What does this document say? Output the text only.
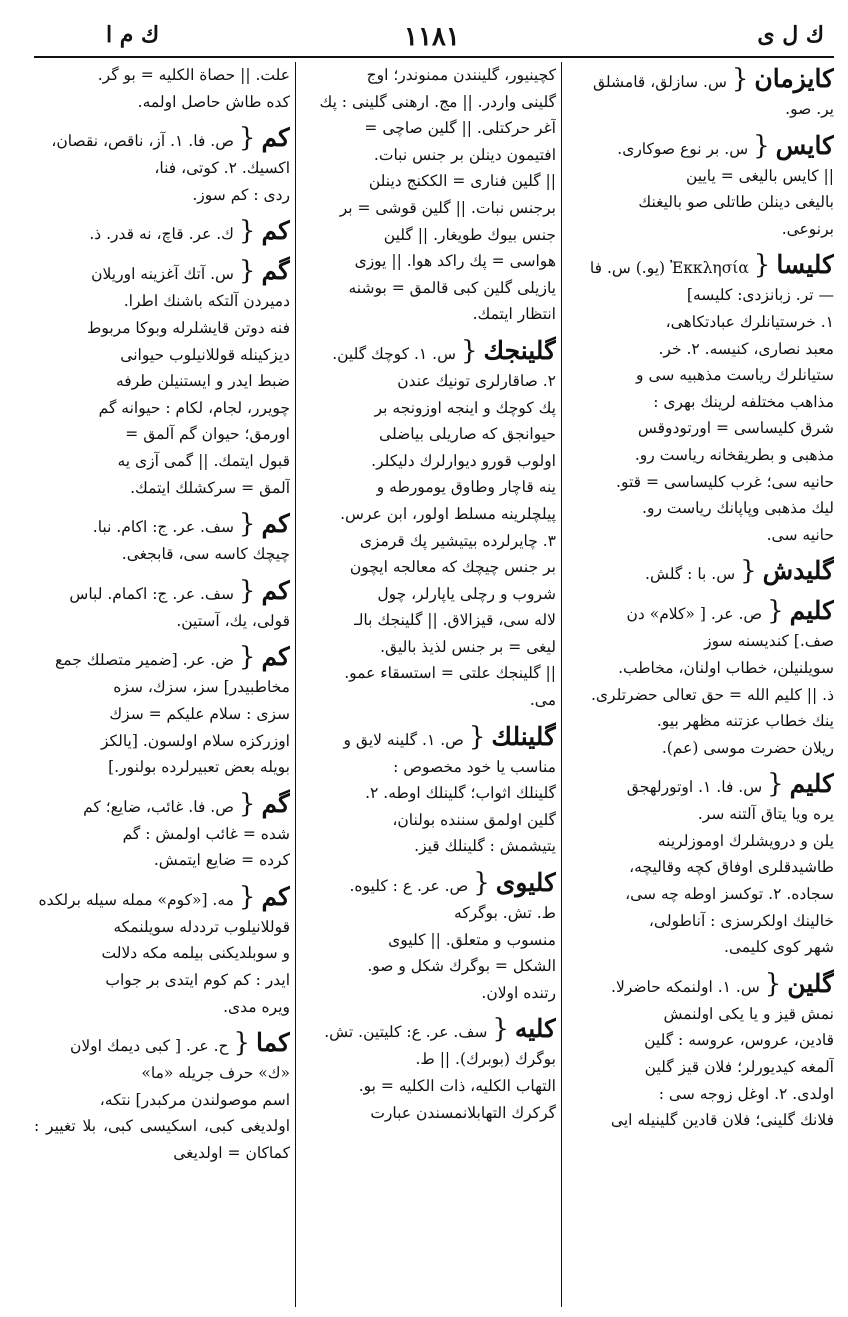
ك ل ى
١١٨١
ك م ا

كايزمان{ س. سازلق، قامشلق

ير. صو.

كايس{ س. بر نوع صوكارى.

|| كايس باليغى = يايين

باليغى دينلن طاتلى صو باليغنك

برنوعى.

كليسا{ Ἐκκλησία (يو.) س. فا

— تر. زبانزدى: كليسه]

١. خرستيانلرك عبادتكاهى،

معبد نصارى، كنيسه. ٢. خر.

ستيانلرك رياست مذهبيه سى و

مذاهب مختلفه لرينك بهرى :

شرق كليساسى = اورتودوقس

مذهبى و بطريقخانه رياست رو.

حانيه سى؛ غرب كليساسى = قتو.

ليك مذهبى وپاپانك رياست رو.

حانيه سى.

گليدش{ س. با : گلش.

كليم{ ص. عر. [ «كلام» دن

صف.] كنديسنه سوز

سويلنيلن، خطاب اولنان، مخاطب.

ذ. || كليم الله = حق تعالى حضرتلرى.

ينك خطاب عزتنه مظهر بيو.

ريلان حضرت موسى (عم).

كليم{ س. فا. ١. اوتورلهجق

يره ويا يتاق آلتنه سر.

يلن و درويشلرك اوموزلرينه

طاشيدقلرى اوفاق كچه وقاليچه،

سجاده. ٢. توكسز اوطه چه سى،

خالينك اولكرسزى : آناطولى،

شهر كوى كليمى.

گلين{ س. ١. اولنمكه حاضرلا.

نمش قيز و يا يكى اولنمش

قادين، عروس، عروسه : گلين

آلمغه كيديورلر؛ فلان قيز گلين

اولدى. ٢. اوغل زوجه سى :

فلانك گلينى؛ فلان قادين گلينيله ايى

كچينيور، گلينندن ممنوندر؛ اوج

گلينى واردر. || مج. ارهنى گلينى : پك

آغر حركتلى. || گلين صاچى =

افتيمون دينلن بر جنس نبات.

|| گلين فنارى = الككنج دينلن

برجنس نبات. || گلين قوشى = بر

جنس بيوك طويغار. || گلين

هواسى = پك راكد هوا. || يوزى

يازيلى گلين كبى قالمق = بوشنه

انتظار ايتمك.

گلينجك{ س. ١. كوچك گلين.

٢. صاقارلرى تونيك عندن

پك كوچك و اينجه اوزونجه بر

حيوانجق كه صاريلى بياضلى

اولوب قورو ديوارلرك دليكلر.

ينه قاچار وطاوق يومورطه و

پيلچلرينه مسلط اولور، ابن عرس.

٣. چايرلرده بيتيشير پك قرمزى

بر جنس چيچك كه معالجه ايچون

شروب و رچلى ياپارلر، چول

لاله سى، قيزالاق. || گلينجك بالـ

ليغى = بر جنس لذيذ باليق.

|| گلينجك علتى = استسقاء عمو.

مى.

گلينلك{ ص. ١. گلينه لايق و

مناسب يا خود مخصوص :

گلينلك اثواب؛ گلينلك اوطه. ٢.

گلين اولمق سننده بولنان،

يتيشمش : گلينلك قيز.

كليوى{ ص. عر. ع : كليوه.

ط. تش. بوگركه

منسوب و متعلق. || كليوى

الشكل = بوگرك شكل و صو.

رتنده اولان.

كليه{ سف. عر. ع: كليتين. تش.

بوگرك (بوبرك). || ط.

التهاب الكليه، ذات الكليه = بو.

گركرك التهابلانمسندن عبارت

علت. || حصاة الكليه = بو گر.

كده طاش حاصل اولمه.

كم{ ص. فا. ١. آز، ناقص، نقصان،

اكسيك. ٢. كوتى، فنا،

ردى : كم سوز.

كم{ ك. عر. قاچ، نه قدر. ذ.

گم{ س. آتك آغزينه اوريلان

دميردن آلتكه باشنك اطرا.

فنه دوتن قايشلرله وبوكا مربوط

ديزكينله قوللانيلوب حيوانى

ضبط ايدر و ايستنيلن طرفه

چويرر، لجام، لكام : حيوانه گم

اورمق؛ حيوان گم آلمق =

قبول ايتمك. || گمى آزى يه

آلمق = سركشلك ايتمك.

كم{ سف. عر. ج: اكام. نبا.

چيچك كاسه سى، قابجغى.

كم{ سف. عر. ج: اكمام. لباس

قولى، يك، آستين.

كم{ ض. عر. [ضمير متصلك جمع

مخاطبيدر] سز، سزك، سزه

سزى : سلام عليكم = سزك

اوزركزه سلام اولسون. [يالكز

بويله بعض تعبيرلرده بولنور.]

گم{ ص. فا. غائب، ضايع؛ كم

شده = غائب اولمش : گم

كرده = ضايع ايتمش.

كم{ مه. [«كوم» ممله سيله برلكده

قوللانيلوب ترددله سويلنمكه

و سوبلديكنى بيلمه مكه دلالت

ايدر : كم كوم ايتدى بر جواب

ويره مدى.

كما{ ح. عر. [ كبى ديمك اولان

«ك» حرف جريله «ما»

اسم موصولندن مركبدر] نتكه،

اولديغى كبى، اسكيسى كبى، بلا تغيير : كماكان = اولديغى
